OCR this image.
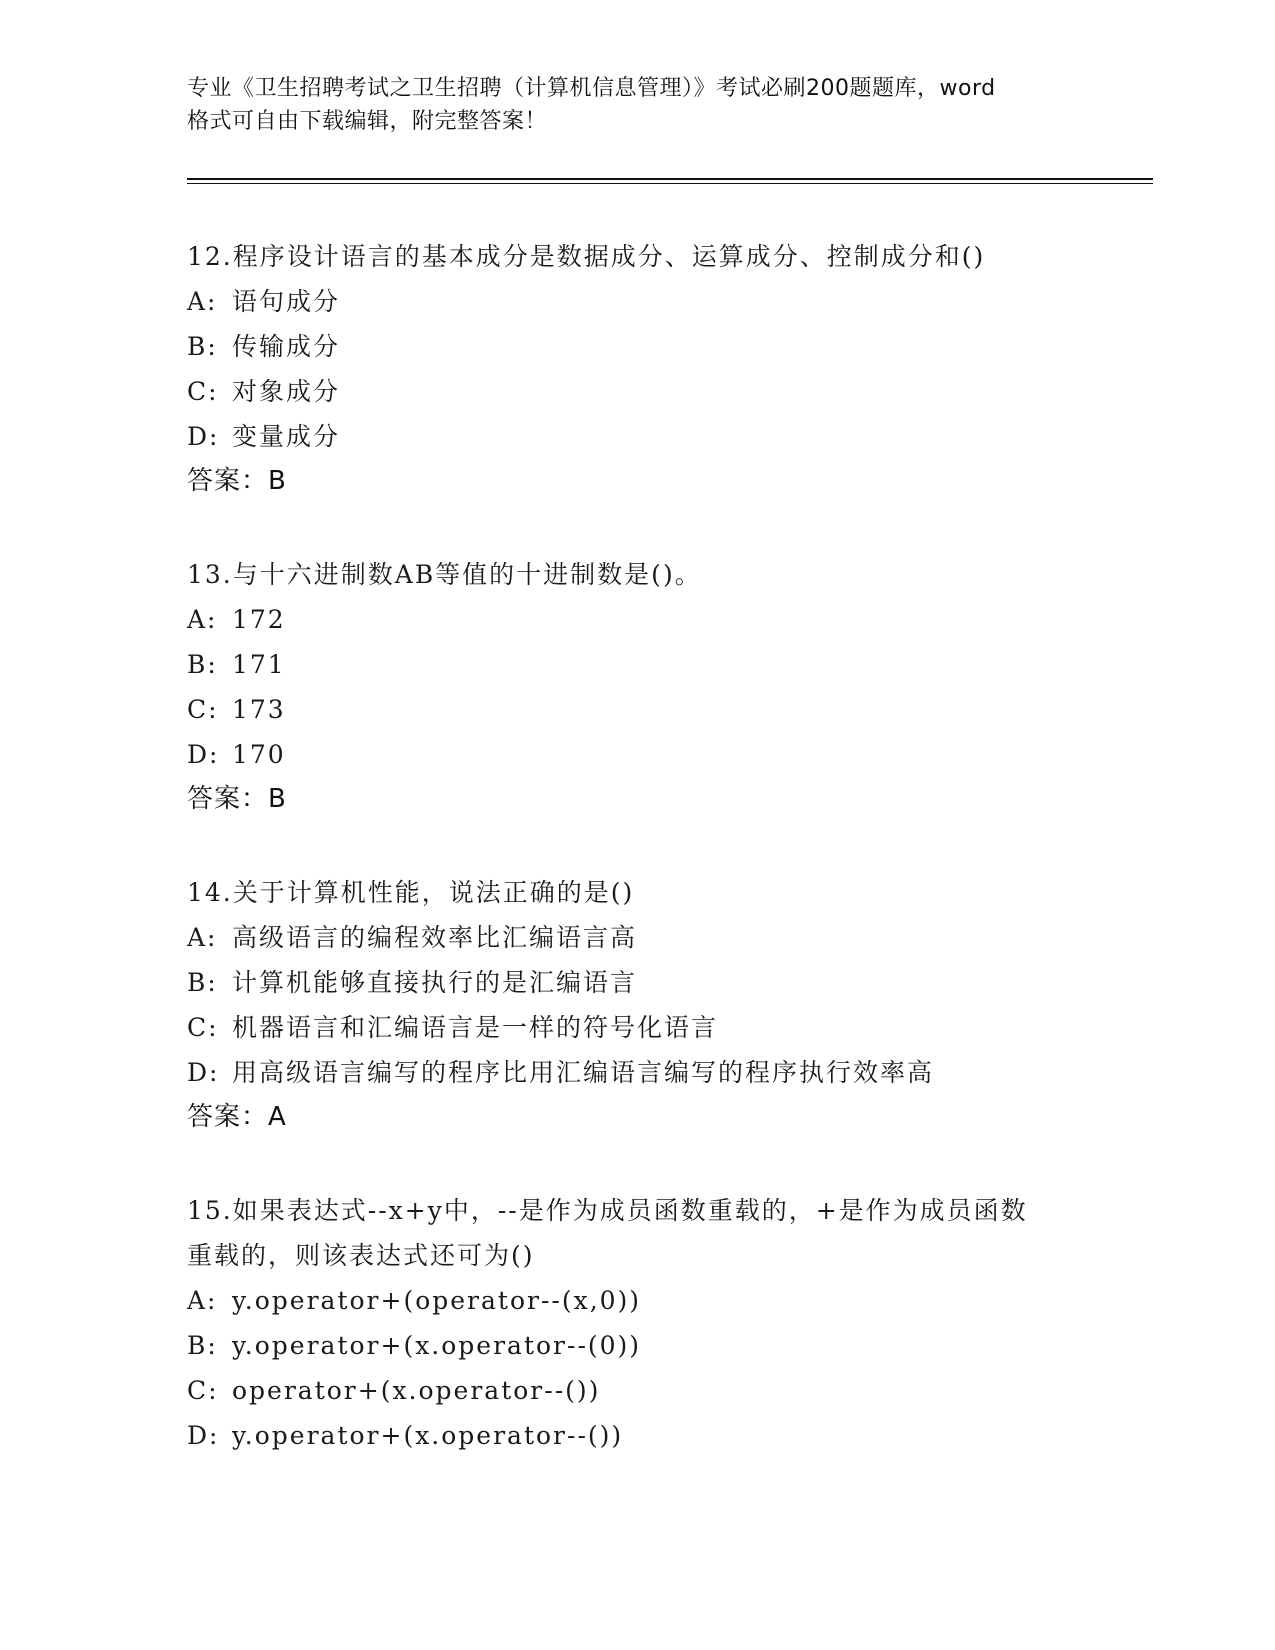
专业《卫生招聘考试之卫生招聘（计算机信息管理）》考试必刷200题题库，word
格式可自由下载编辑，附完整答案！
12.程序设计语言的基本成分是数据成分、运算成分、控制成分和()
A: 语句成分
B: 传输成分
C: 对象成分
D: 变量成分
答案：B
13.与十六进制数AB等值的十进制数是()。
A: 172
B: 171
C: 173
D: 170
答案：B
14.关于计算机性能，说法正确的是()
A: 高级语言的编程效率比汇编语言高
B: 计算机能够直接执行的是汇编语言
C: 机器语言和汇编语言是一样的符号化语言
D: 用高级语言编写的程序比用汇编语言编写的程序执行效率高
答案：A
15.如果表达式--x+y中，--是作为成员函数重载的，+是作为成员函数
重载的，则该表达式还可为()
A: y.operator+(operator--(x,0))
B: y.operator+(x.operator--(0))
C: operator+(x.operator--())
D: y.operator+(x.operator--())
